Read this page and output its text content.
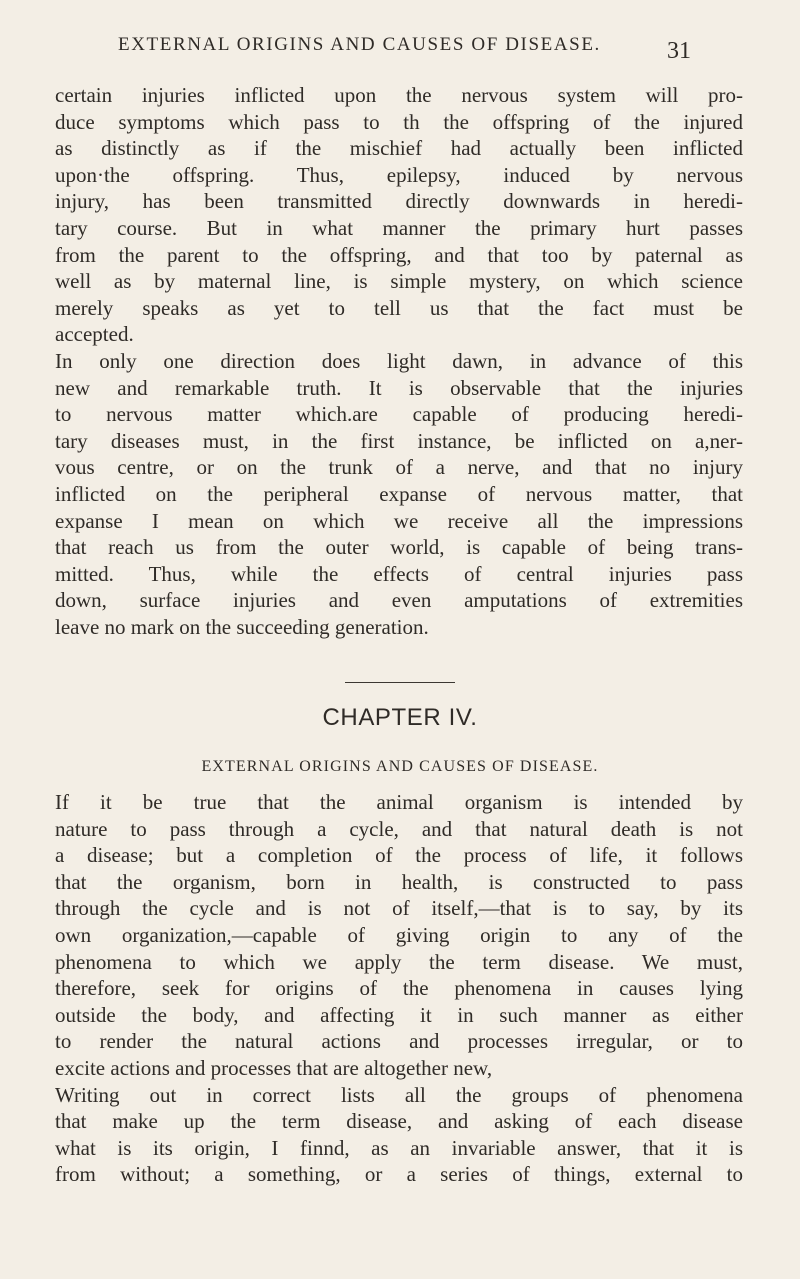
EXTERNAL ORIGINS AND CAUSES OF DISEASE.	31
certain injuries inflicted upon the nervous system will pro-
duce symptoms which pass to th the offspring of the injured
as distinctly as if the mischief had actually been inflicted
upon·the offspring. Thus, epilepsy, induced by nervous
injury, has been transmitted directly downwards in heredi-
tary course. But in what manner the primary hurt passes
from the parent to the offspring, and that too by paternal as
well as by maternal line, is simple mystery, on which science
merely speaks as yet to tell us that the fact must be
accepted.
In only one direction does light dawn, in advance of this
new and remarkable truth. It is observable that the injuries
to nervous matter which.are capable of producing heredi-
tary diseases must, in the first instance, be inflicted on a,ner-
vous centre, or on the trunk of a nerve, and that no injury
inflicted on the peripheral expanse of nervous matter, that
expanse I mean on which we receive all the impressions
that reach us from the outer world, is capable of being trans-
mitted. Thus, while the effects of central injuries pass
down, surface injuries and even amputations of extremities
leave no mark on the succeeding generation.
CHAPTER IV.
EXTERNAL ORIGINS AND CAUSES OF DISEASE.
If it be true that the animal organism is intended by
nature to pass through a cycle, and that natural death is not
a disease; but a completion of the process of life, it follows
that the organism, born in health, is constructed to pass
through the cycle and is not of itself,—that is to say, by its
own organization,—capable of giving origin to any of the
phenomena to which we apply the term disease. We must,
therefore, seek for origins of the phenomena in causes lying
outside the body, and affecting it in such manner as either
to render the natural actions and processes irregular, or to
excite actions and processes that are altogether new,
Writing out in correct lists all the groups of phenomena
that make up the term disease, and asking of each disease
what is its origin, I finnd, as an invariable answer, that it is
from without; a something, or a series of things, external to
